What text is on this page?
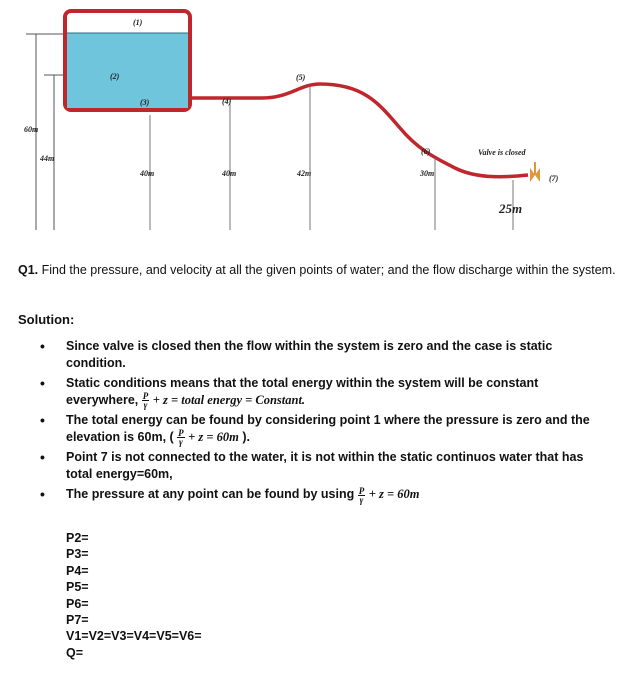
(1)
(2)
(3)	(4)
(5)
(6)
(7)
60m
44m
40m	40m	42m	30m
25m
Valve is closed
Q1. Find the pressure, and velocity at all the given points of water; and the flow discharge within the system.
Solution:
• Since valve is closed then the flow within the system is zero and the case is static condition.
• Static conditions means that the total energy within the system will be constant everywhere, $\frac{P}{\gamma} + z$ = total energy = Constant.
• The total energy can be found by considering point 1 where the pressure is zero and the elevation is 60m, ( $\frac{P}{\gamma} + z = 60m$ ).
• Point 7 is not connected to the water, it is not within the static continuos water that has total energy=60m,
• The pressure at any point can be found by using $\frac{P}{\gamma} + z = 60m$
P2=
P3=
P4=
P5=
P6=
P7=
V1=V2=V3=V4=V5=V6=
Q=
